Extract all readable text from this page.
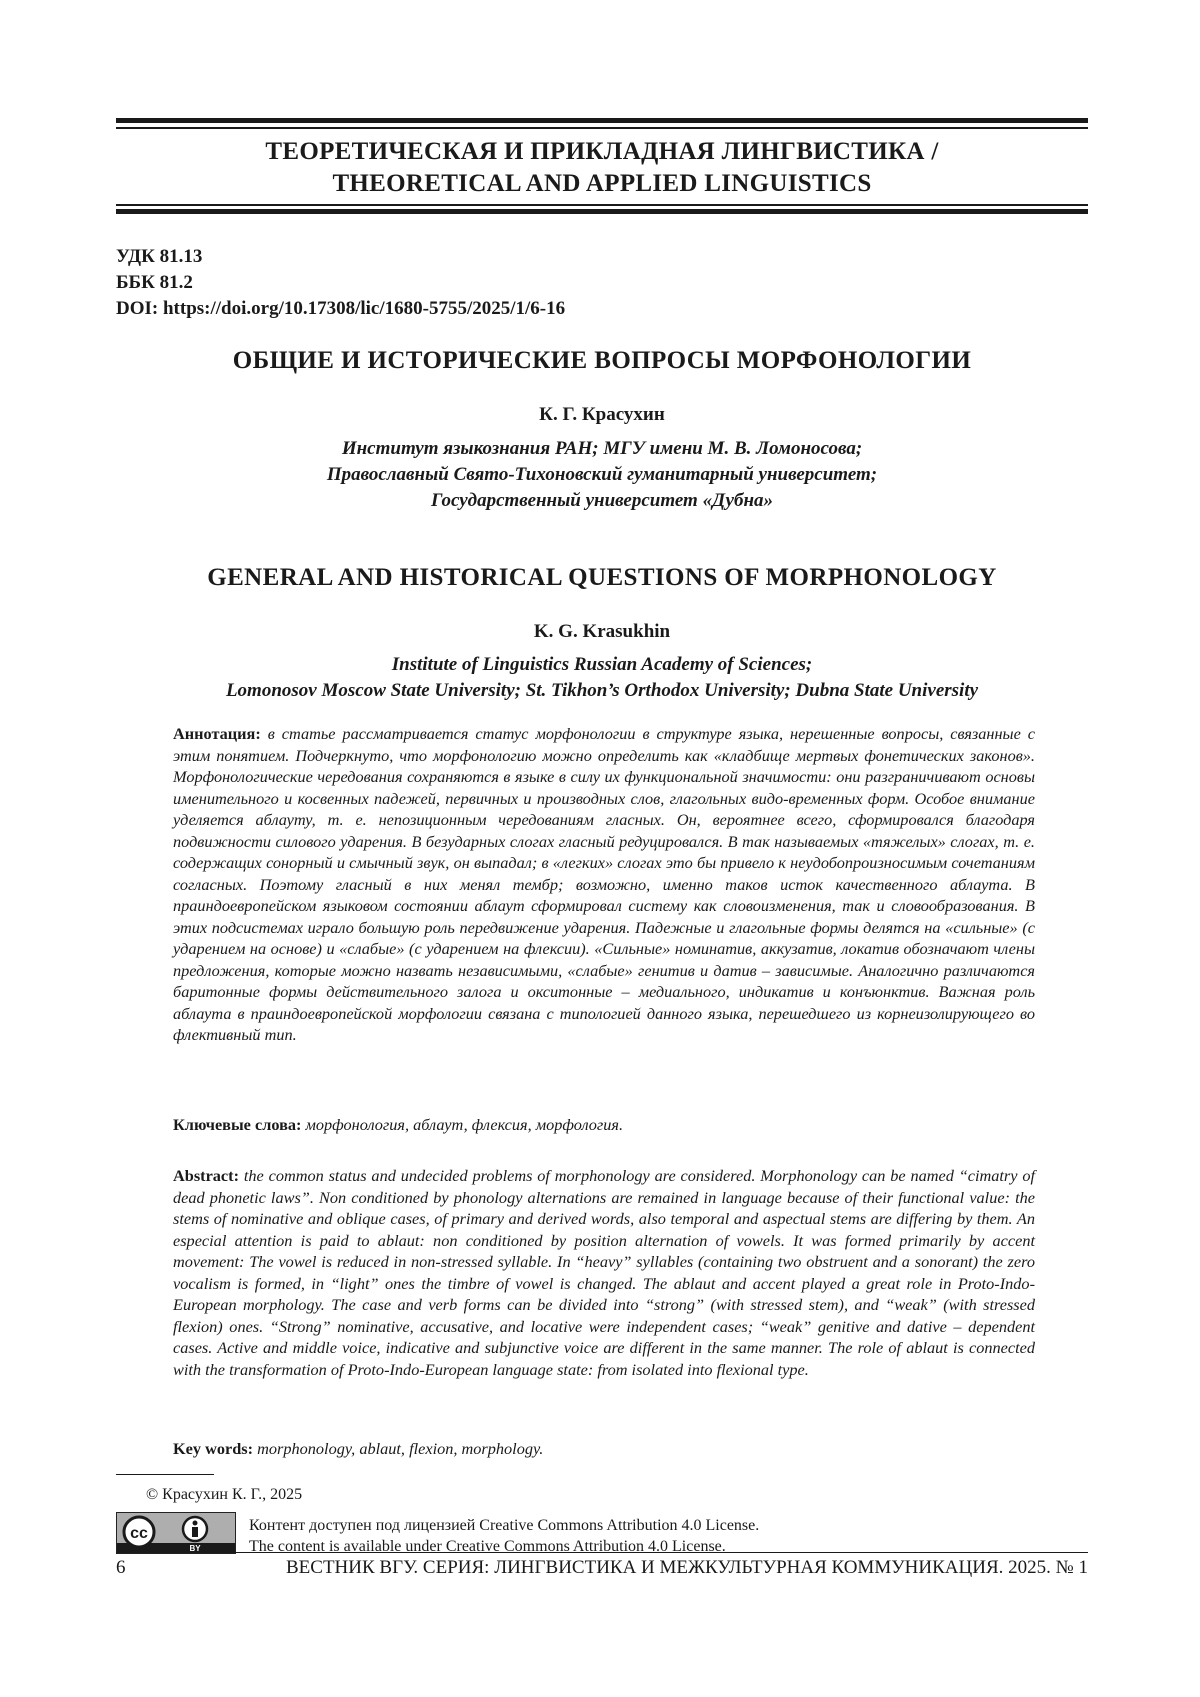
ТЕОРЕТИЧЕСКАЯ И ПРИКЛАДНАЯ ЛИНГВИСТИКА /
THEORETICAL AND APPLIED LINGUISTICS
УДК 81.13
ББК 81.2
DOI: https://doi.org/10.17308/lic/1680-5755/2025/1/6-16
ОБЩИЕ И ИСТОРИЧЕСКИЕ ВОПРОСЫ МОРФОНОЛОГИИ
К. Г. Красухин
Институт языкознания РАН; МГУ имени М. В. Ломоносова;
Православный Свято-Тихоновский гуманитарный университет;
Государственный университет «Дубна»
GENERAL AND HISTORICAL QUESTIONS OF MORPHONOLOGY
K. G. Krasukhin
Institute of Linguistics Russian Academy of Sciences;
Lomonosov Moscow State University; St. Tikhon’s Orthodox University; Dubna State University
Аннотация: в статье рассматривается статус морфонологии в структуре языка, нерешенные вопросы, связанные с этим понятием. Подчеркнуто, что морфонологию можно определить как «кладбище мертвых фонетических законов». Морфонологические чередования сохраняются в языке в силу их функциональной значимости: они разграничивают основы именительного и косвенных падежей, первичных и производных слов, глагольных видо-временных форм. Особое внимание уделяется аблауту, т. е. непозиционным чередованиям гласных. Он, вероятнее всего, сформировался благодаря подвижности силового ударения. В безударных слогах гласный редуцировался. В так называемых «тяжелых» слогах, т. е. содержащих сонорный и смычный звук, он выпадал; в «легких» слогах это бы привело к неудобопроизносимым сочетаниям согласных. Поэтому гласный в них менял тембр; возможно, именно таков исток качественного аблаута. В праиндоевропейском языковом состоянии аблаут сформировал систему как словоизменения, так и словообразования. В этих подсистемах играло большую роль передвижение ударения. Падежные и глагольные формы делятся на «сильные» (с ударением на основе) и «слабые» (с ударением на флексии). «Сильные» номинатив, аккузатив, локатив обозначают члены предложения, которые можно назвать независимыми, «слабые» генитив и датив – зависимые. Аналогично различаются баритонные формы действительного залога и окситонные – медиального, индикатив и конъюнктив. Важная роль аблаута в праиндоевропейской морфологии связана с типологией данного языка, перешедшего из корнеизолирующего во флективный тип.
Ключевые слова: морфонология, аблаут, флексия, морфология.
Abstract: the common status and undecided problems of morphonology are considered. Morphonology can be named “cimatry of dead phonetic laws”. Non conditioned by phonology alternations are remained in language because of their functional value: the stems of nominative and oblique cases, of primary and derived words, also temporal and aspectual stems are differing by them. An especial attention is paid to ablaut: non conditioned by position alternation of vowels. It was formed primarily by accent movement: The vowel is reduced in non-stressed syllable. In “heavy” syllables (containing two obstruent and a sonorant) the zero vocalism is formed, in “light” ones the timbre of vowel is changed. The ablaut and accent played a great role in Proto-Indo-European morphology. The case and verb forms can be divided into “strong” (with stressed stem), and “weak” (with stressed flexion) ones. “Strong” nominative, accusative, and locative were independent cases; “weak” genitive and dative – dependent cases. Active and middle voice, indicative and subjunctive voice are different in the same manner. The role of ablaut is connected with the transformation of Proto-Indo-European language state: from isolated into flexional type.
Key words: morphonology, ablaut, flexion, morphology.
© Красухин К. Г., 2025
cc
BY
Контент доступен под лицензией Creative Commons Attribution 4.0 License.
The content is available under Creative Commons Attribution 4.0 License.
6	ВЕСТНИК ВГУ. СЕРИЯ: ЛИНГВИСТИКА И МЕЖКУЛЬТУРНАЯ КОММУНИКАЦИЯ. 2025. № 1
